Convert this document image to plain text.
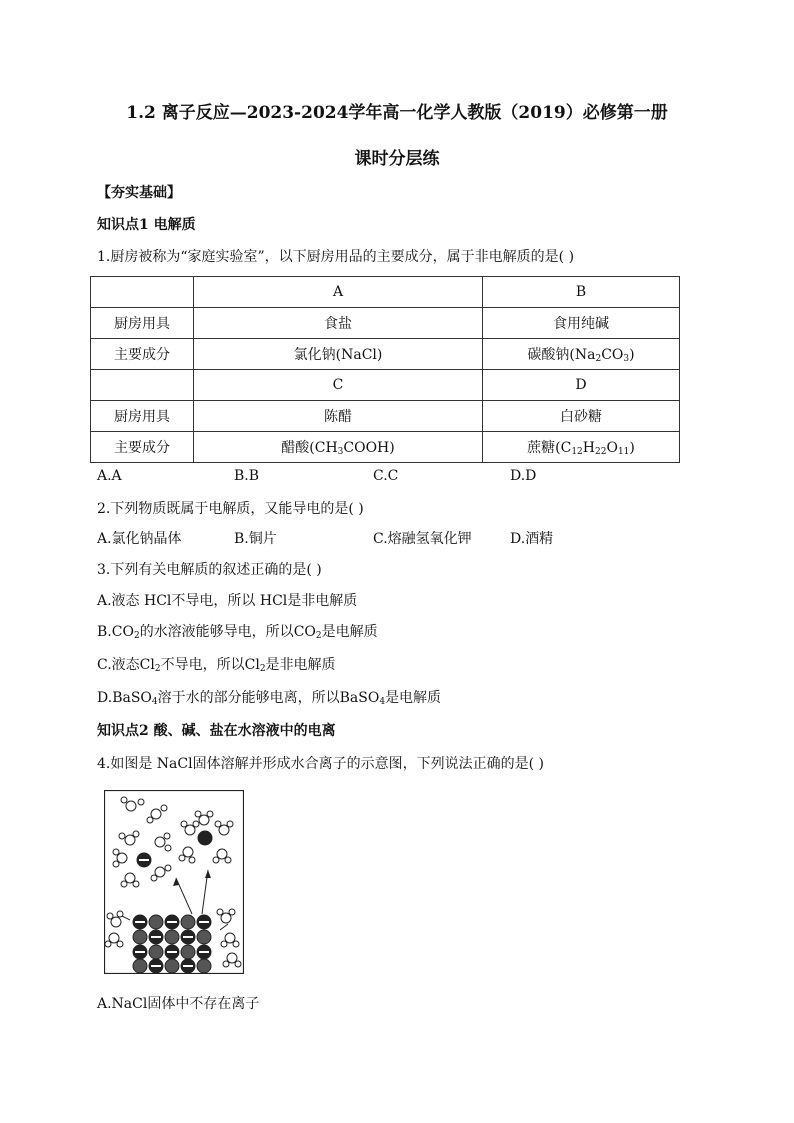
1.2 离子反应—2023-2024学年高一化学人教版（2019）必修第一册
课时分层练
【夯实基础】
知识点1 电解质
1.厨房被称为“家庭实验室”，以下厨房用品的主要成分，属于非电解质的是( )
	A	B
厨房用具	食盐	食用纯碱
主要成分	氯化钠(NaCl)	碳酸钠$(Na_2CO_3)$
	C	D
厨房用具	陈醋	白砂糖
主要成分	醋酸$(CH_3COOH)$	蔗糖$(C_{12}H_{22}O_{11})$
A.A	B.B	C.C	D.D
2.下列物质既属于电解质，又能导电的是( )
A.氯化钠晶体	B.铜片	C.熔融氢氧化钾	D.酒精
3.下列有关电解质的叙述正确的是( )
A.液态 HCl不导电，所以 HCl是非电解质
$B.CO_2$的水溶液能够导电，所以$CO_2$是电解质
C.液态$Cl_2$不导电，所以$Cl_2$是非电解质
D.BaSO$_4$溶于水的部分能够电离，所以BaSO$_4$是电解质
知识点2 酸、碱、盐在水溶液中的电离
4.如图是 NaCl固体溶解并形成水合离子的示意图，下列说法正确的是( )
A.NaCl固体中不存在离子
